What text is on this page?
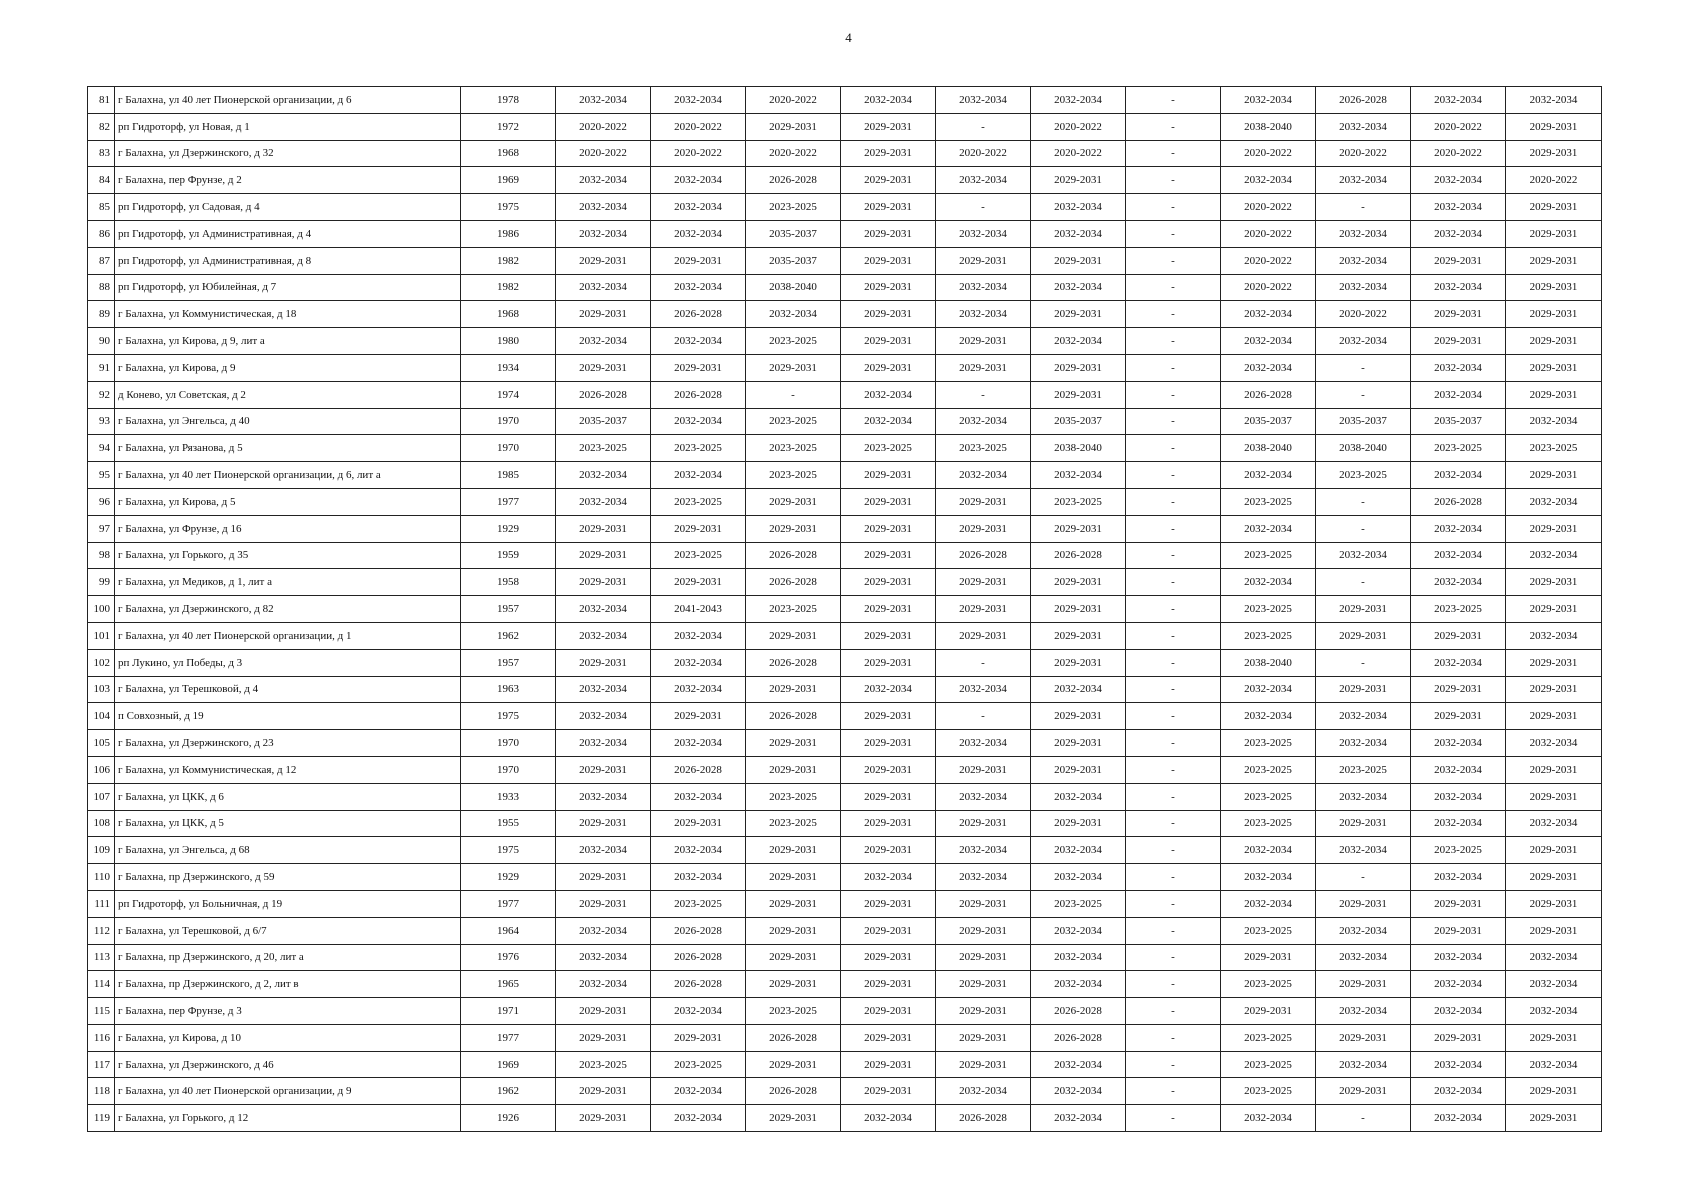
4
81	г Балахна, ул 40 лет Пионерской организации, д 6	1978	2032-2034	2032-2034	2020-2022	2032-2034	2032-2034	2032-2034	-	2032-2034	2026-2028	2032-2034	2032-2034
82	рп Гидроторф, ул Новая, д 1	1972	2020-2022	2020-2022	2029-2031	2029-2031	-	2020-2022	-	2038-2040	2032-2034	2020-2022	2029-2031
83	г Балахна, ул Дзержинского, д 32	1968	2020-2022	2020-2022	2020-2022	2029-2031	2020-2022	2020-2022	-	2020-2022	2020-2022	2020-2022	2029-2031
84	г Балахна, пер Фрунзе, д 2	1969	2032-2034	2032-2034	2026-2028	2029-2031	2032-2034	2029-2031	-	2032-2034	2032-2034	2032-2034	2020-2022
85	рп Гидроторф, ул Садовая, д 4	1975	2032-2034	2032-2034	2023-2025	2029-2031	-	2032-2034	-	2020-2022	-	2032-2034	2029-2031
86	рп Гидроторф, ул Административная, д 4	1986	2032-2034	2032-2034	2035-2037	2029-2031	2032-2034	2032-2034	-	2020-2022	2032-2034	2032-2034	2029-2031
87	рп Гидроторф, ул Административная, д 8	1982	2029-2031	2029-2031	2035-2037	2029-2031	2029-2031	2029-2031	-	2020-2022	2032-2034	2029-2031	2029-2031
88	рп Гидроторф, ул Юбилейная, д 7	1982	2032-2034	2032-2034	2038-2040	2029-2031	2032-2034	2032-2034	-	2020-2022	2032-2034	2032-2034	2029-2031
89	г Балахна, ул Коммунистическая, д 18	1968	2029-2031	2026-2028	2032-2034	2029-2031	2032-2034	2029-2031	-	2032-2034	2020-2022	2029-2031	2029-2031
90	г Балахна, ул Кирова, д 9, лит а	1980	2032-2034	2032-2034	2023-2025	2029-2031	2029-2031	2032-2034	-	2032-2034	2032-2034	2029-2031	2029-2031
91	г Балахна, ул Кирова, д 9	1934	2029-2031	2029-2031	2029-2031	2029-2031	2029-2031	2029-2031	-	2032-2034	-	2032-2034	2029-2031
92	д Конево, ул Советская, д 2	1974	2026-2028	2026-2028	-	2032-2034	-	2029-2031	-	2026-2028	-	2032-2034	2029-2031
93	г Балахна, ул Энгельса, д 40	1970	2035-2037	2032-2034	2023-2025	2032-2034	2032-2034	2035-2037	-	2035-2037	2035-2037	2035-2037	2032-2034
94	г Балахна, ул Рязанова, д 5	1970	2023-2025	2023-2025	2023-2025	2023-2025	2023-2025	2038-2040	-	2038-2040	2038-2040	2023-2025	2023-2025
95	г Балахна, ул 40 лет Пионерской организации, д 6, лит а	1985	2032-2034	2032-2034	2023-2025	2029-2031	2032-2034	2032-2034	-	2032-2034	2023-2025	2032-2034	2029-2031
96	г Балахна, ул Кирова, д 5	1977	2032-2034	2023-2025	2029-2031	2029-2031	2029-2031	2023-2025	-	2023-2025	-	2026-2028	2032-2034
97	г Балахна, ул Фрунзе, д 16	1929	2029-2031	2029-2031	2029-2031	2029-2031	2029-2031	2029-2031	-	2032-2034	-	2032-2034	2029-2031
98	г Балахна, ул Горького, д 35	1959	2029-2031	2023-2025	2026-2028	2029-2031	2026-2028	2026-2028	-	2023-2025	2032-2034	2032-2034	2032-2034
99	г Балахна, ул Медиков, д 1, лит а	1958	2029-2031	2029-2031	2026-2028	2029-2031	2029-2031	2029-2031	-	2032-2034	-	2032-2034	2029-2031
100	г Балахна, ул Дзержинского, д 82	1957	2032-2034	2041-2043	2023-2025	2029-2031	2029-2031	2029-2031	-	2023-2025	2029-2031	2023-2025	2029-2031
101	г Балахна, ул 40 лет Пионерской организации, д 1	1962	2032-2034	2032-2034	2029-2031	2029-2031	2029-2031	2029-2031	-	2023-2025	2029-2031	2029-2031	2032-2034
102	рп Лукино, ул Победы, д 3	1957	2029-2031	2032-2034	2026-2028	2029-2031	-	2029-2031	-	2038-2040	-	2032-2034	2029-2031
103	г Балахна, ул Терешковой, д 4	1963	2032-2034	2032-2034	2029-2031	2032-2034	2032-2034	2032-2034	-	2032-2034	2029-2031	2029-2031	2029-2031
104	п Совхозный, д 19	1975	2032-2034	2029-2031	2026-2028	2029-2031	-	2029-2031	-	2032-2034	2032-2034	2029-2031	2029-2031
105	г Балахна, ул Дзержинского, д 23	1970	2032-2034	2032-2034	2029-2031	2029-2031	2032-2034	2029-2031	-	2023-2025	2032-2034	2032-2034	2032-2034
106	г Балахна, ул Коммунистическая, д 12	1970	2029-2031	2026-2028	2029-2031	2029-2031	2029-2031	2029-2031	-	2023-2025	2023-2025	2032-2034	2029-2031
107	г Балахна, ул ЦКК, д 6	1933	2032-2034	2032-2034	2023-2025	2029-2031	2032-2034	2032-2034	-	2023-2025	2032-2034	2032-2034	2029-2031
108	г Балахна, ул ЦКК, д 5	1955	2029-2031	2029-2031	2023-2025	2029-2031	2029-2031	2029-2031	-	2023-2025	2029-2031	2032-2034	2032-2034
109	г Балахна, ул Энгельса, д 68	1975	2032-2034	2032-2034	2029-2031	2029-2031	2032-2034	2032-2034	-	2032-2034	2032-2034	2023-2025	2029-2031
110	г Балахна, пр Дзержинского, д 59	1929	2029-2031	2032-2034	2029-2031	2032-2034	2032-2034	2032-2034	-	2032-2034	-	2032-2034	2029-2031
111	рп Гидроторф, ул Больничная, д 19	1977	2029-2031	2023-2025	2029-2031	2029-2031	2029-2031	2023-2025	-	2032-2034	2029-2031	2029-2031	2029-2031
112	г Балахна, ул Терешковой, д 6/7	1964	2032-2034	2026-2028	2029-2031	2029-2031	2029-2031	2032-2034	-	2023-2025	2032-2034	2029-2031	2029-2031
113	г Балахна, пр Дзержинского, д 20, лит а	1976	2032-2034	2026-2028	2029-2031	2029-2031	2029-2031	2032-2034	-	2029-2031	2032-2034	2032-2034	2032-2034
114	г Балахна, пр Дзержинского, д 2, лит в	1965	2032-2034	2026-2028	2029-2031	2029-2031	2029-2031	2032-2034	-	2023-2025	2029-2031	2032-2034	2032-2034
115	г Балахна, пер Фрунзе, д 3	1971	2029-2031	2032-2034	2023-2025	2029-2031	2029-2031	2026-2028	-	2029-2031	2032-2034	2032-2034	2032-2034
116	г Балахна, ул Кирова, д 10	1977	2029-2031	2029-2031	2026-2028	2029-2031	2029-2031	2026-2028	-	2023-2025	2029-2031	2029-2031	2029-2031
117	г Балахна, ул Дзержинского, д 46	1969	2023-2025	2023-2025	2029-2031	2029-2031	2029-2031	2032-2034	-	2023-2025	2032-2034	2032-2034	2032-2034
118	г Балахна, ул 40 лет Пионерской организации, д 9	1962	2029-2031	2032-2034	2026-2028	2029-2031	2032-2034	2032-2034	-	2023-2025	2029-2031	2032-2034	2029-2031
119	г Балахна, ул Горького, д 12	1926	2029-2031	2032-2034	2029-2031	2032-2034	2026-2028	2032-2034	-	2032-2034	-	2032-2034	2029-2031
